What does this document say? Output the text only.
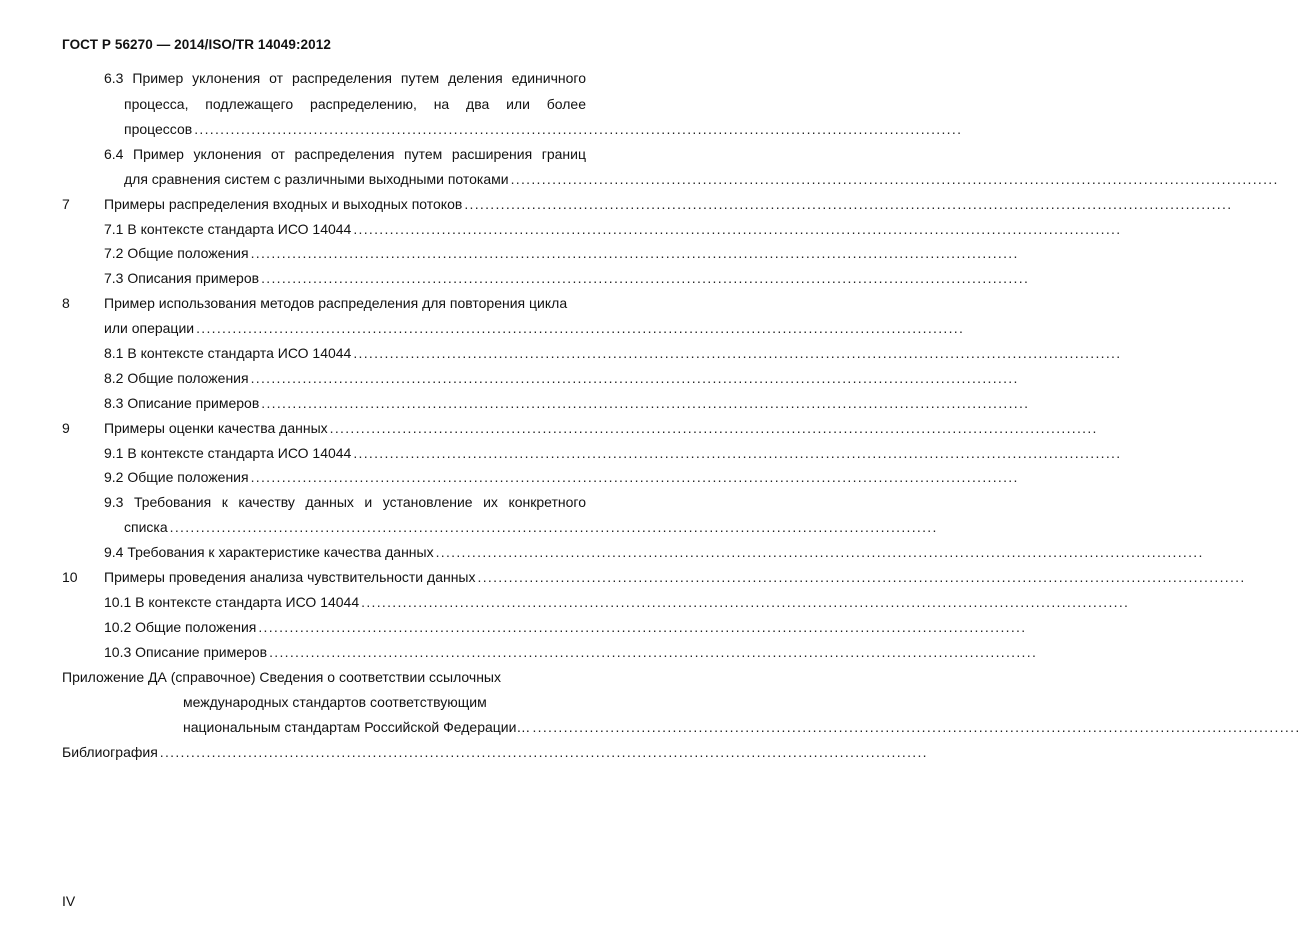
ГОСТ Р 56270 — 2014/ISO/TR 14049:2012
6.3 Пример уклонения от распределения путем деления единичного
процесса, подлежащего распределению, на два или более
процессов ....................................................................................................................................................
6.4 Пример уклонения от распределения путем расширения границ
для сравнения систем с различными выходными потоками ....................................................................................................................................................
7 Примеры распределения входных и выходных потоков ....................................................................................................................................................
7.1 В контексте стандарта ИСО 14044 ....................................................................................................................................................
7.2 Общие положения ....................................................................................................................................................
7.3 Описания примеров ....................................................................................................................................................
8 Пример использования методов распределения для повторения цикла
или операции ....................................................................................................................................................
8.1 В контексте стандарта ИСО 14044 ....................................................................................................................................................
8.2 Общие положения ....................................................................................................................................................
8.3 Описание примеров ....................................................................................................................................................
9 Примеры оценки качества данных ....................................................................................................................................................
9.1 В контексте стандарта ИСО 14044 ....................................................................................................................................................
9.2 Общие положения ....................................................................................................................................................
9.3 Требования к качеству данных и установление их конкретного
списка ....................................................................................................................................................
9.4 Требования к характеристике качества данных ....................................................................................................................................................
10 Примеры проведения анализа чувствительности данных ....................................................................................................................................................
10.1 В контексте стандарта ИСО 14044 ....................................................................................................................................................
10.2 Общие положения ....................................................................................................................................................
10.3 Описание примеров ....................................................................................................................................................
Приложение ДА (справочное) Сведения о соответствии ссылочных
международных стандартов соответствующим
национальным стандартам Российской Федерации… ....................................................................................................................................................
Библиография ....................................................................................................................................................
IV
